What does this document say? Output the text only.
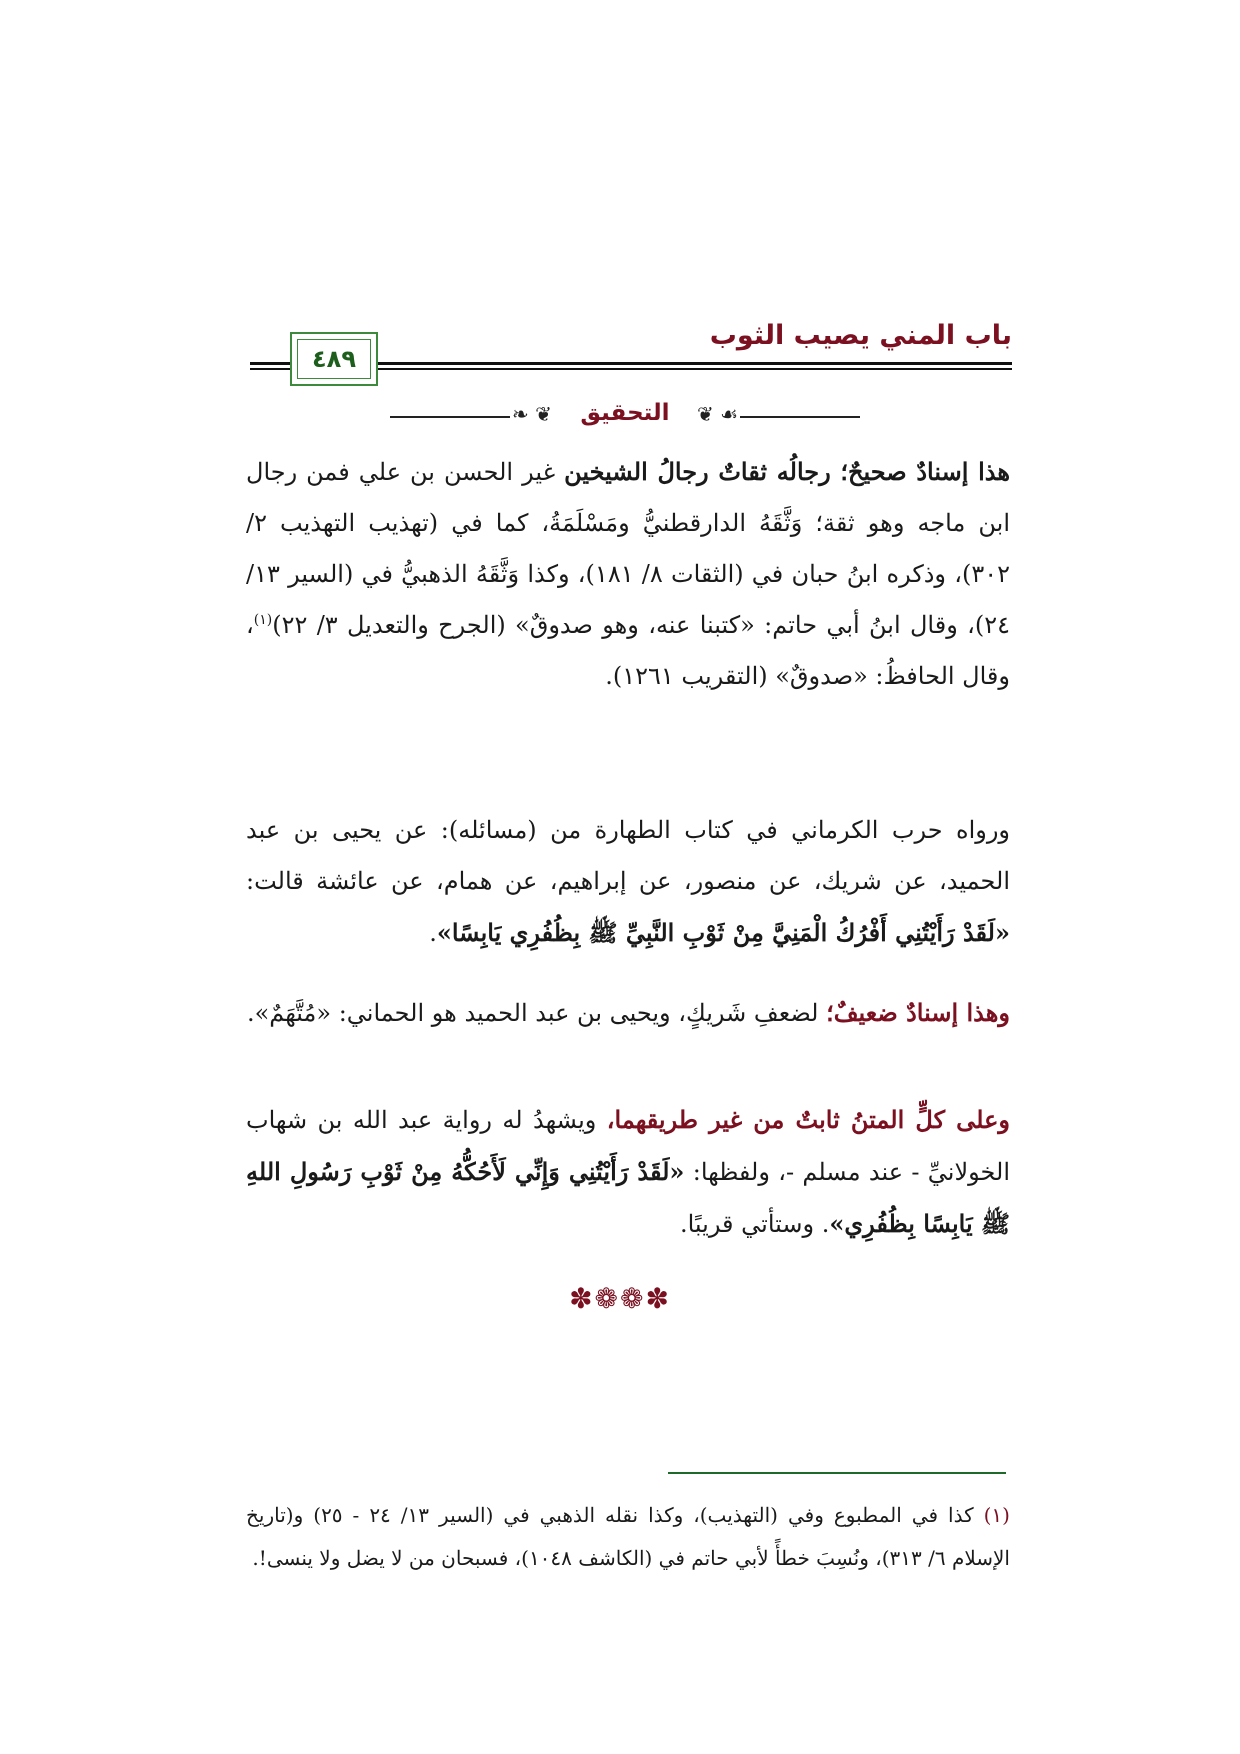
باب المني يصيب الثوب
٤٨٩
❧ ❦	التحقيق	❦ ☙
هذا إسنادٌ صحيحٌ؛ رجالُه ثقاتٌ رجالُ الشيخين غير الحسن بن علي فمن رجال ابن ماجه وهو ثقة؛ وَثَّقَهُ الدارقطنيُّ ومَسْلَمَةُ، كما في (تهذيب التهذيب ٢/ ٣٠٢)، وذكره ابنُ حبان في (الثقات ٨/ ١٨١)، وكذا وَثَّقَهُ الذهبيُّ في (السير ١٣/ ٢٤)، وقال ابنُ أبي حاتم: «كتبنا عنه، وهو صدوقٌ» (الجرح والتعديل ٣/ ٢٢)$^{(١)}$، وقال الحافظُ: «صدوقٌ» (التقريب ١٢٦١).
ورواه حرب الكرماني في كتاب الطهارة من (مسائله): عن يحيى بن عبد الحميد، عن شريك، عن منصور، عن إبراهيم، عن همام، عن عائشة قالت: «لَقَدْ رَأَيْتُنِي أَفْرُكُ الْمَنِيَّ مِنْ ثَوْبِ النَّبِيِّ ﷺ بِظُفُرِي يَابِسًا».
وهذا إسنادٌ ضعيفٌ؛ لضعفِ شَريكٍ، ويحيى بن عبد الحميد هو الحماني: «مُتَّهَمٌ».
وعلى كلٍّ المتنُ ثابتٌ من غير طريقهما، ويشهدُ له رواية عبد الله بن شهاب الخولانيِّ - عند مسلم -، ولفظها: «لَقَدْ رَأَيْتُنِي وَإِنِّي لَأَحُكُّهُ مِنْ ثَوْبِ رَسُولِ اللهِ ﷺ يَابِسًا بِظُفُرِي». وستأتي قريبًا.
✽❁❁✽
(١) كذا في المطبوع وفي (التهذيب)، وكذا نقله الذهبي في (السير ١٣/ ٢٤ - ٢٥) و(تاريخ الإسلام ٦/ ٣١٣)، ونُسِبَ خطأً لأبي حاتم في (الكاشف ١٠٤٨)، فسبحان من لا يضل ولا ينسى!.
